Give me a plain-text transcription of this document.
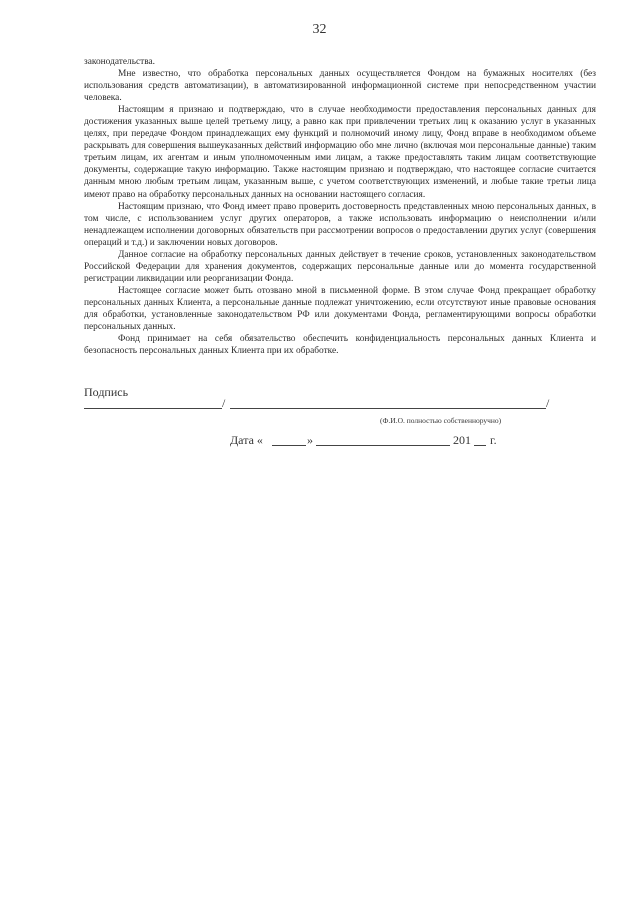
32

законодательства.

Мне известно, что обработка персональных данных осуществляется Фондом на бумажных носителях (без использования средств автоматизации), в автоматизированной информационной системе при непосредственном участии человека.

Настоящим я признаю и подтверждаю, что в случае необходимости предоставления персональных данных для достижения указанных выше целей третьему лицу, а равно как при привлечении третьих лиц к оказанию услуг в указанных целях, при передаче Фондом принадлежащих ему функций и полномочий иному лицу, Фонд вправе в необходимом объеме раскрывать для совершения вышеуказанных действий информацию обо мне лично (включая мои персональные данные) таким третьим лицам, их агентам и иным уполномоченным ими лицам, а также предоставлять таким лицам соответствующие документы, содержащие такую информацию. Также настоящим признаю и подтверждаю, что настоящее согласие считается данным мною любым третьим лицам, указанным выше, с учетом соответствующих изменений, и любые такие третьи лица имеют право на обработку персональных данных на основании настоящего согласия.

Настоящим признаю, что Фонд имеет право проверить достоверность представленных мною персональных данных, в том числе, с использованием услуг других операторов, а также использовать информацию о неисполнении и/или ненадлежащем исполнении договорных обязательств при рассмотрении вопросов о предоставлении других услуг (совершения операций и т.д.) и заключении новых договоров.

Данное согласие на обработку персональных данных действует в течение сроков, установленных законодательством Российской Федерации для хранения документов, содержащих персональные данные или до момента государственной регистрации ликвидации или реорганизации Фонда.

Настоящее согласие может быть отозвано мной в письменной форме. В этом случае Фонд прекращает обработку персональных данных Клиента, а персональные данные подлежат уничтожению, если отсутствуют иные правовые основания для обработки, установленные законодательством РФ или документами Фонда, регламентирующими вопросы обработки персональных данных.

Фонд принимает на себя обязательство обеспечить конфиденциальность персональных данных Клиента и безопасность персональных данных Клиента при их обработке.

Подпись
/	/
(Ф.И.О. полностью собственноручно)
Дата «	»	201 г.
